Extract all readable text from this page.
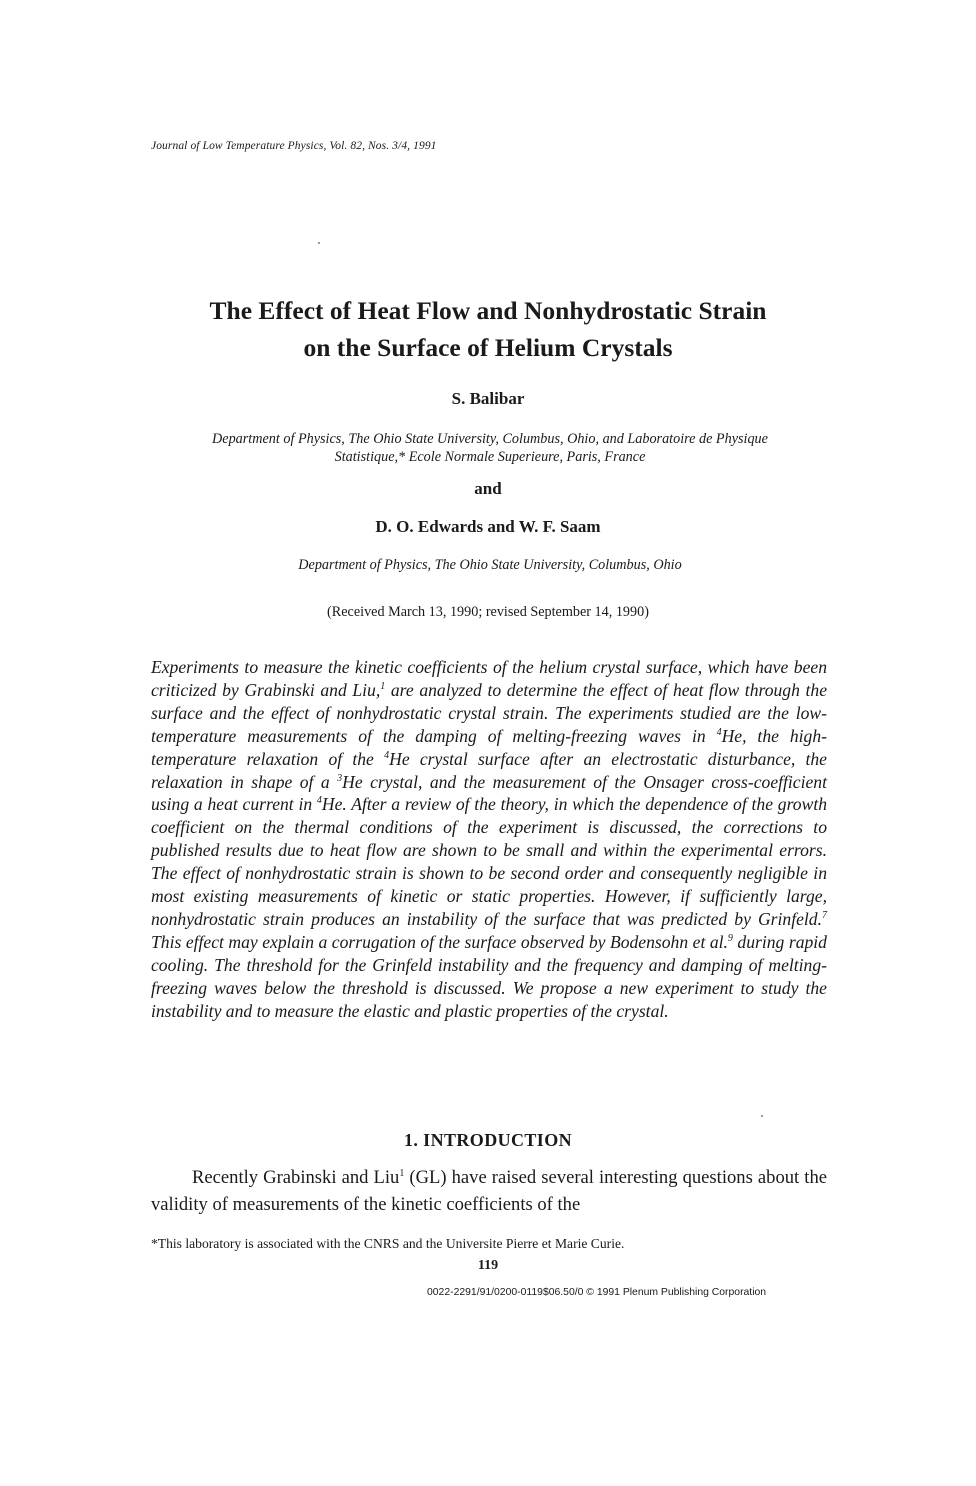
Journal of Low Temperature Physics, Vol. 82, Nos. 3/4, 1991
The Effect of Heat Flow and Nonhydrostatic Strain
on the Surface of Helium Crystals
S. Balibar
Department of Physics, The Ohio State University, Columbus, Ohio, and Laboratoire de Physique
Statistique,* Ecole Normale Superieure, Paris, France
and
D. O. Edwards and W. F. Saam
Department of Physics, The Ohio State University, Columbus, Ohio
(Received March 13, 1990; revised September 14, 1990)
Experiments to measure the kinetic coefficients of the helium crystal surface, which have been criticized by Grabinski and Liu,$^1$ are analyzed to determine the effect of heat flow through the surface and the effect of nonhydrostatic crystal strain. The experiments studied are the low-temperature measurements of the damping of melting-freezing waves in $^4$He, the high-temperature relaxation of the $^4$He crystal surface after an electrostatic disturbance, the relaxation in shape of a $^3$He crystal, and the measurement of the Onsager cross-coefficient using a heat current in $^4$He. After a review of the theory, in which the dependence of the growth coefficient on the thermal conditions of the experiment is discussed, the corrections to published results due to heat flow are shown to be small and within the experimental errors. The effect of nonhydrostatic strain is shown to be second order and consequently negligible in most existing measurements of kinetic or static properties. However, if sufficiently large, nonhydrostatic strain produces an instability of the surface that was predicted by Grinfeld.$^7$ This effect may explain a corrugation of the surface observed by Bodensohn et al.$^9$ during rapid cooling. The threshold for the Grinfeld instability and the frequency and damping of melting-freezing waves below the threshold is discussed. We propose a new experiment to study the instability and to measure the elastic and plastic properties of the crystal.
1. INTRODUCTION
Recently Grabinski and Liu$^1$ (GL) have raised several interesting questions about the validity of measurements of the kinetic coefficients of the
*This laboratory is associated with the CNRS and the Universite Pierre et Marie Curie.
119
0022-2291/91/0200-0119$06.50/0 © 1991 Plenum Publishing Corporation
